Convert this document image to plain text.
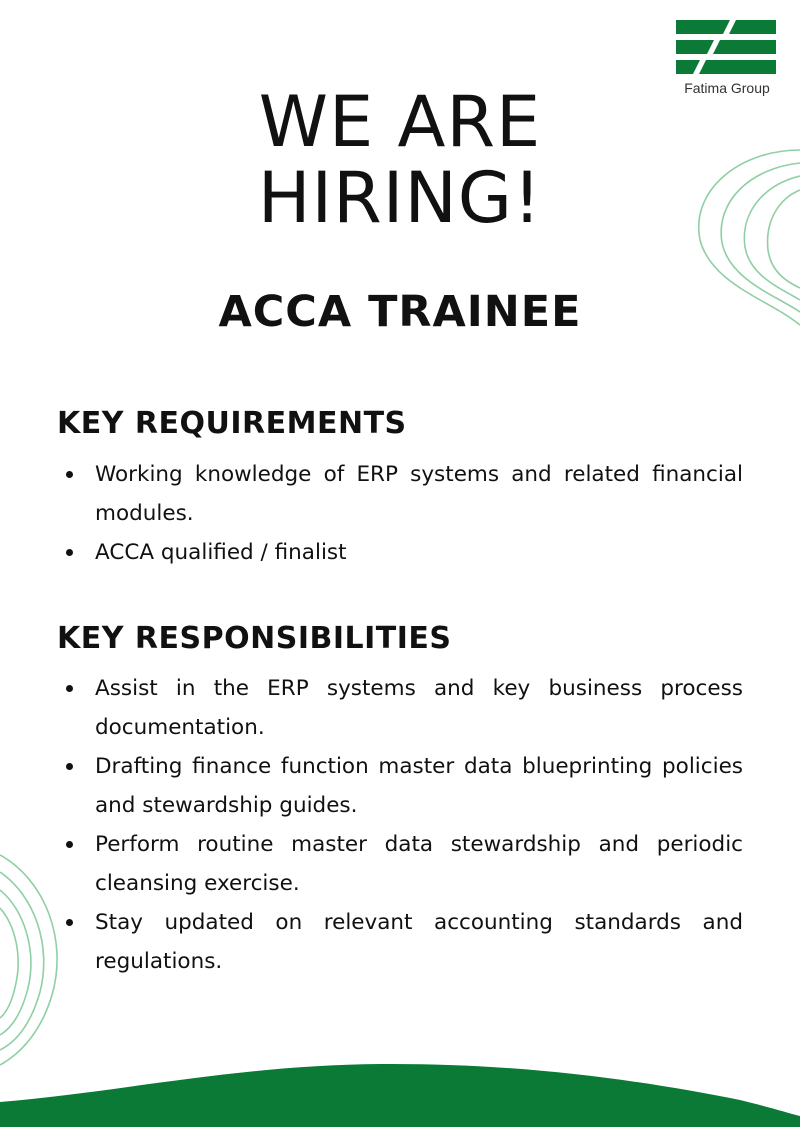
Fatima Group
WE ARE
HIRING!
ACCA TRAINEE
KEY REQUIREMENTS
Working knowledge of ERP systems and related financial modules.
ACCA qualified / finalist
KEY RESPONSIBILITIES
Assist in the ERP systems and key business process documentation.
Drafting finance function master data blueprinting policies and stewardship guides.
Perform routine master data stewardship and periodic cleansing exercise.
Stay updated on relevant accounting standards and regulations.
